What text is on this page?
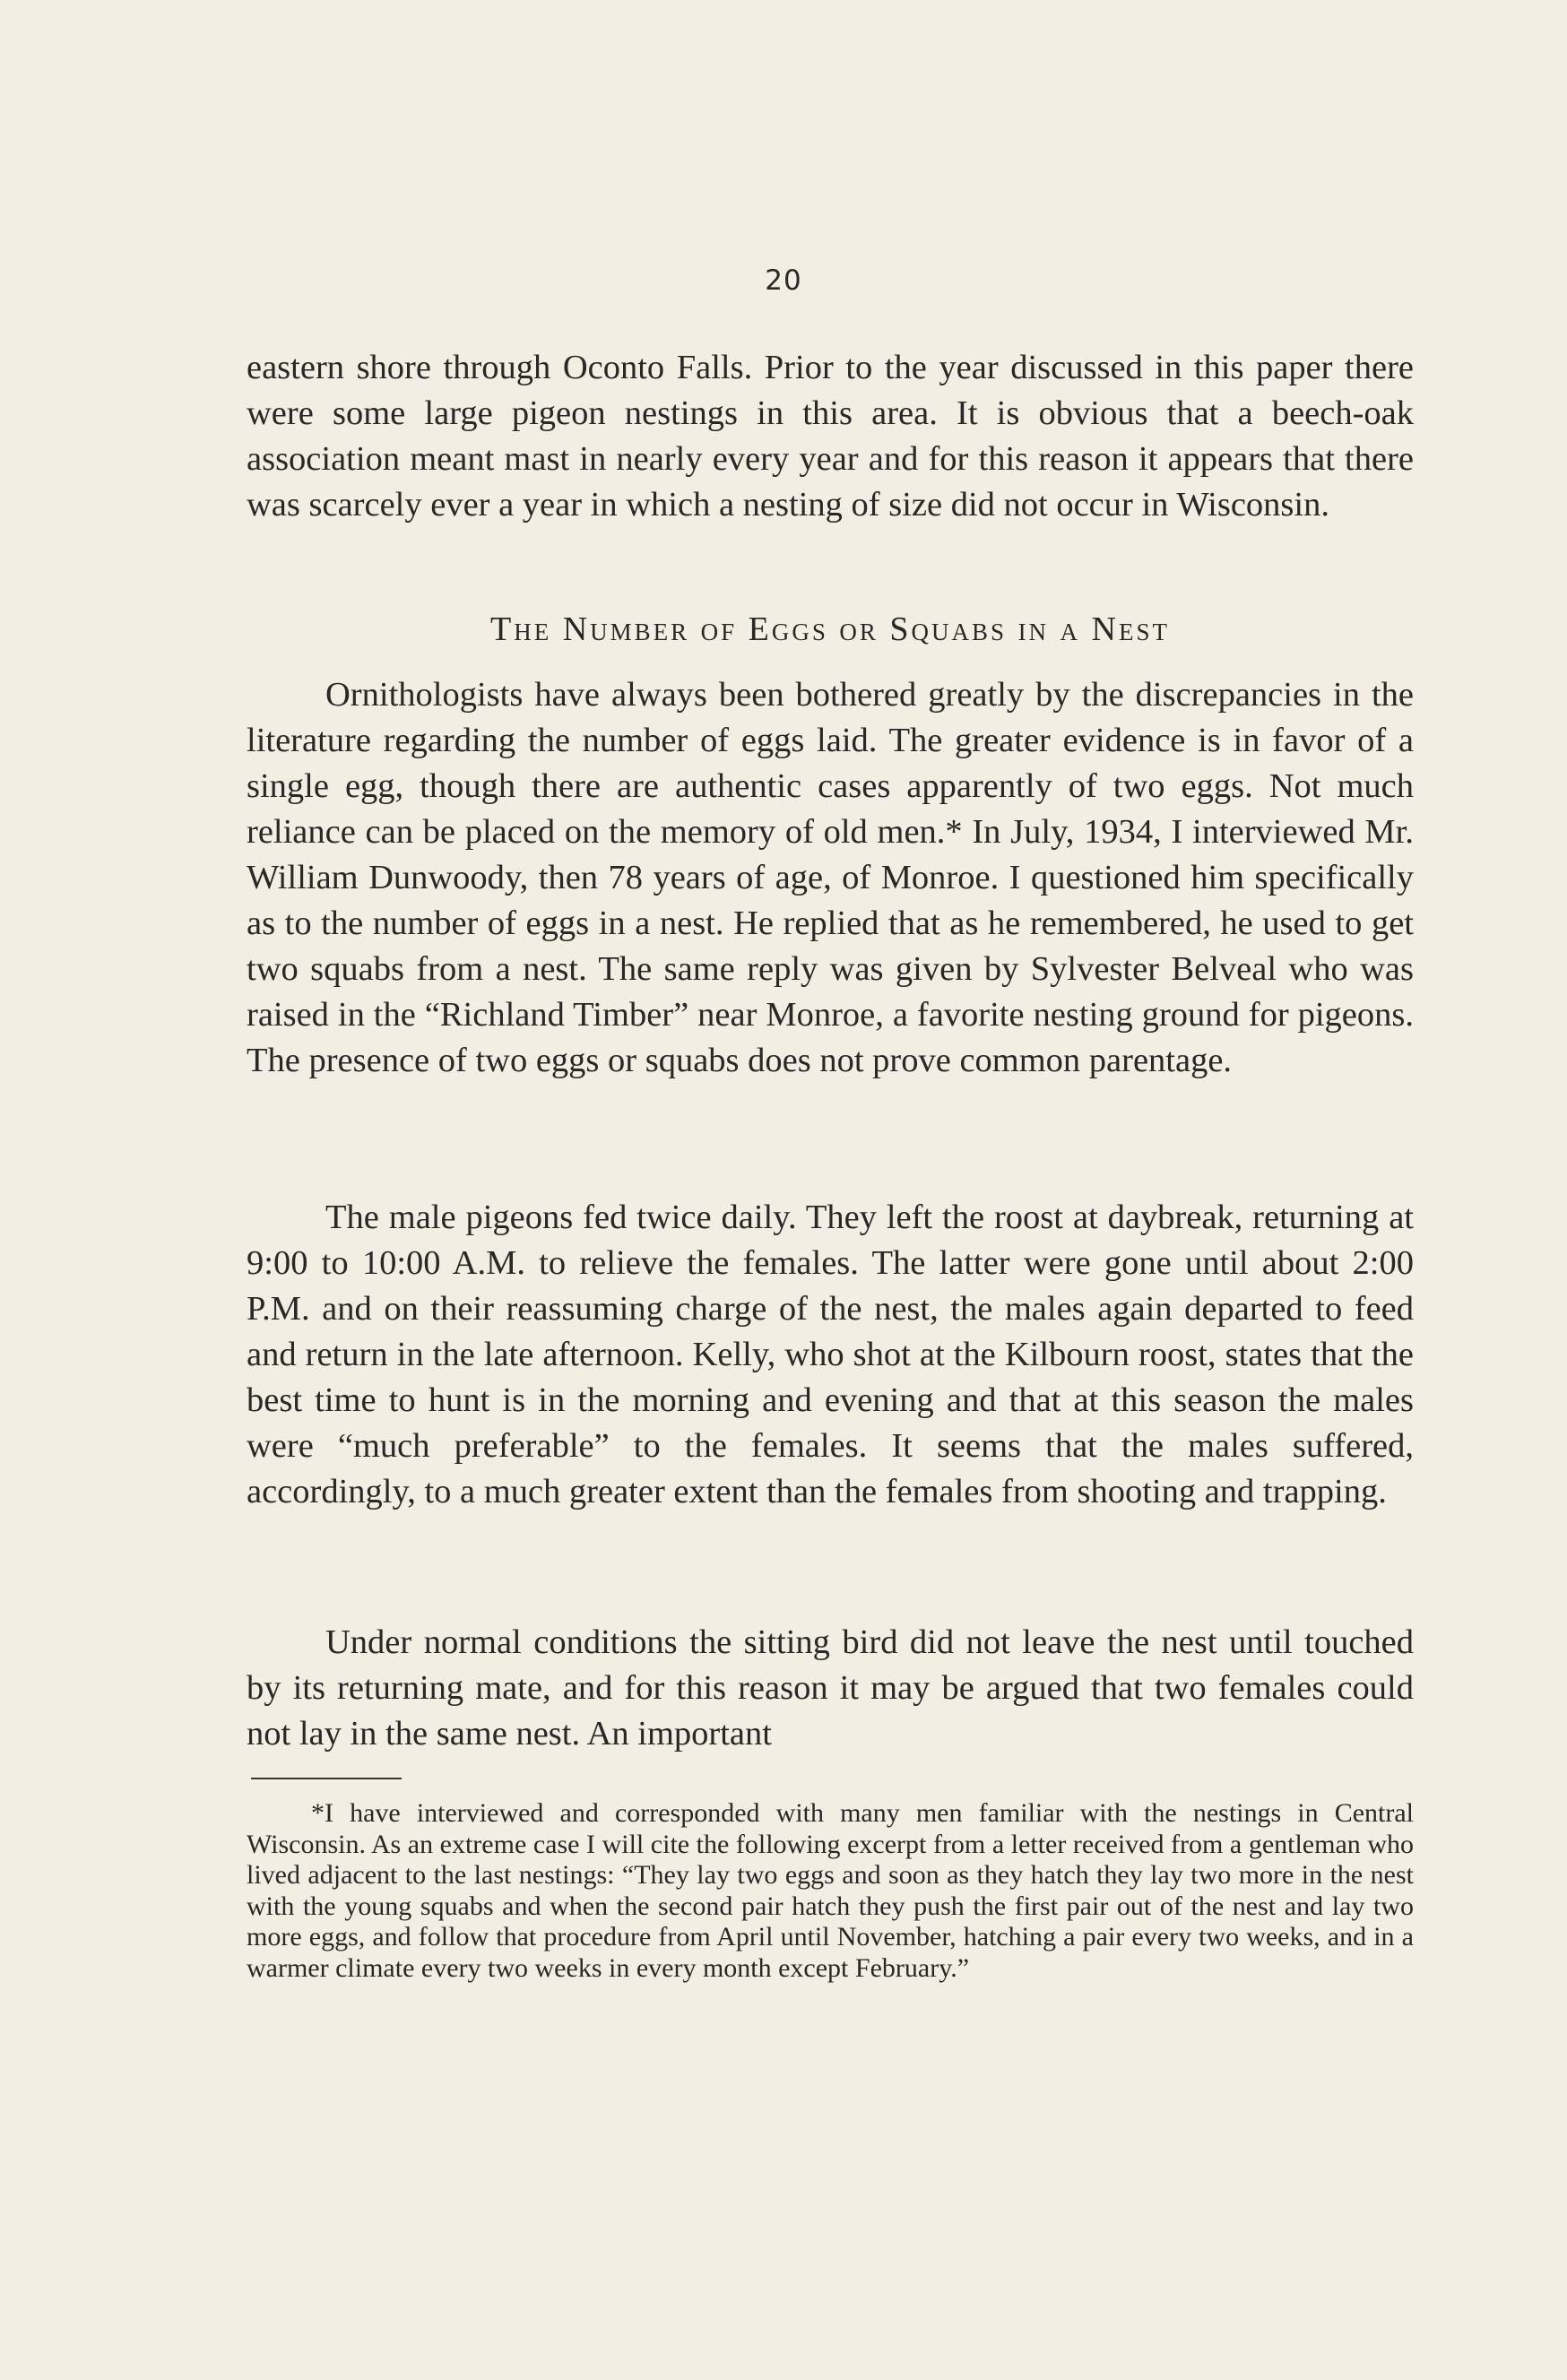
20

eastern shore through Oconto Falls. Prior to the year discussed in this paper there were some large pigeon nestings in this area. It is obvious that a beech-oak association meant mast in nearly every year and for this reason it appears that there was scarcely ever a year in which a nesting of size did not occur in Wisconsin.

The Number of Eggs or Squabs in a Nest

Ornithologists have always been bothered greatly by the discrepancies in the literature regarding the number of eggs laid. The greater evidence is in favor of a single egg, though there are authentic cases apparently of two eggs. Not much reliance can be placed on the memory of old men.* In July, 1934, I interviewed Mr. William Dunwoody, then 78 years of age, of Monroe. I questioned him specifically as to the number of eggs in a nest. He replied that as he remembered, he used to get two squabs from a nest. The same reply was given by Sylvester Belveal who was raised in the “Richland Timber” near Monroe, a favorite nesting ground for pigeons. The presence of two eggs or squabs does not prove common parentage.

The male pigeons fed twice daily. They left the roost at daybreak, returning at 9:00 to 10:00 A.M. to relieve the females. The latter were gone until about 2:00 P.M. and on their reassuming charge of the nest, the males again departed to feed and return in the late afternoon. Kelly, who shot at the Kilbourn roost, states that the best time to hunt is in the morning and evening and that at this season the males were “much preferable” to the females. It seems that the males suffered, accordingly, to a much greater extent than the females from shooting and trapping.

Under normal conditions the sitting bird did not leave the nest until touched by its returning mate, and for this reason it may be argued that two females could not lay in the same nest. An important

*I have interviewed and corresponded with many men familiar with the nestings in Central Wisconsin. As an extreme case I will cite the following excerpt from a letter received from a gentleman who lived adjacent to the last nestings: “They lay two eggs and soon as they hatch they lay two more in the nest with the young squabs and when the second pair hatch they push the first pair out of the nest and lay two more eggs, and follow that procedure from April until November, hatching a pair every two weeks, and in a warmer climate every two weeks in every month except February.”
